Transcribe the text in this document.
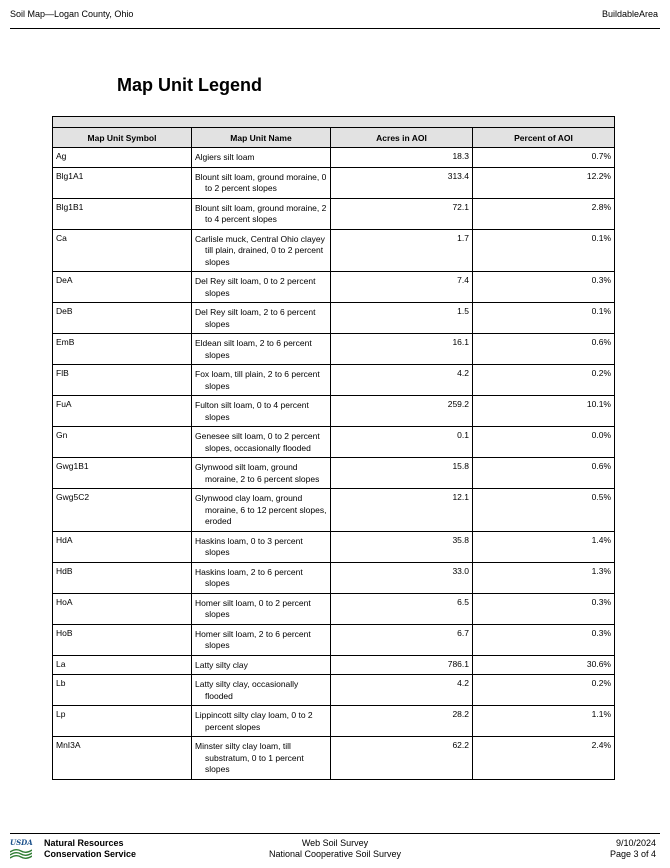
Soil Map—Logan County, Ohio	BuildableArea
Map Unit Legend

Map Unit Symbol	Map Unit Name	Acres in AOI	Percent of AOI
Ag	Algiers silt loam	18.3	0.7%
Blg1A1	Blount silt loam, ground moraine, 0 to 2 percent slopes	313.4	12.2%
Blg1B1	Blount silt loam, ground moraine, 2 to 4 percent slopes	72.1	2.8%
Ca	Carlisle muck, Central Ohio clayey till plain, drained, 0 to 2 percent slopes	1.7	0.1%
DeA	Del Rey silt loam, 0 to 2 percent slopes	7.4	0.3%
DeB	Del Rey silt loam, 2 to 6 percent slopes	1.5	0.1%
EmB	Eldean silt loam, 2 to 6 percent slopes	16.1	0.6%
FlB	Fox loam, till plain, 2 to 6 percent slopes	4.2	0.2%
FuA	Fulton silt loam, 0 to 4 percent slopes	259.2	10.1%
Gn	Genesee silt loam, 0 to 2 percent slopes, occasionally flooded	0.1	0.0%
Gwg1B1	Glynwood silt loam, ground moraine, 2 to 6 percent slopes	15.8	0.6%
Gwg5C2	Glynwood clay loam, ground moraine, 6 to 12 percent slopes, eroded	12.1	0.5%
HdA	Haskins loam, 0 to 3 percent slopes	35.8	1.4%
HdB	Haskins loam, 2 to 6 percent slopes	33.0	1.3%
HoA	Homer silt loam, 0 to 2 percent slopes	6.5	0.3%
HoB	Homer silt loam, 2 to 6 percent slopes	6.7	0.3%
La	Latty silty clay	786.1	30.6%
Lb	Latty silty clay, occasionally flooded	4.2	0.2%
Lp	Lippincott silty clay loam, 0 to 2 percent slopes	28.2	1.1%
MnI3A	Minster silty clay loam, till substratum, 0 to 1 percent slopes	62.2	2.4%
USDA Natural Resources
Conservation Service
Web Soil Survey
National Cooperative Soil Survey
9/10/2024
Page 3 of 4
